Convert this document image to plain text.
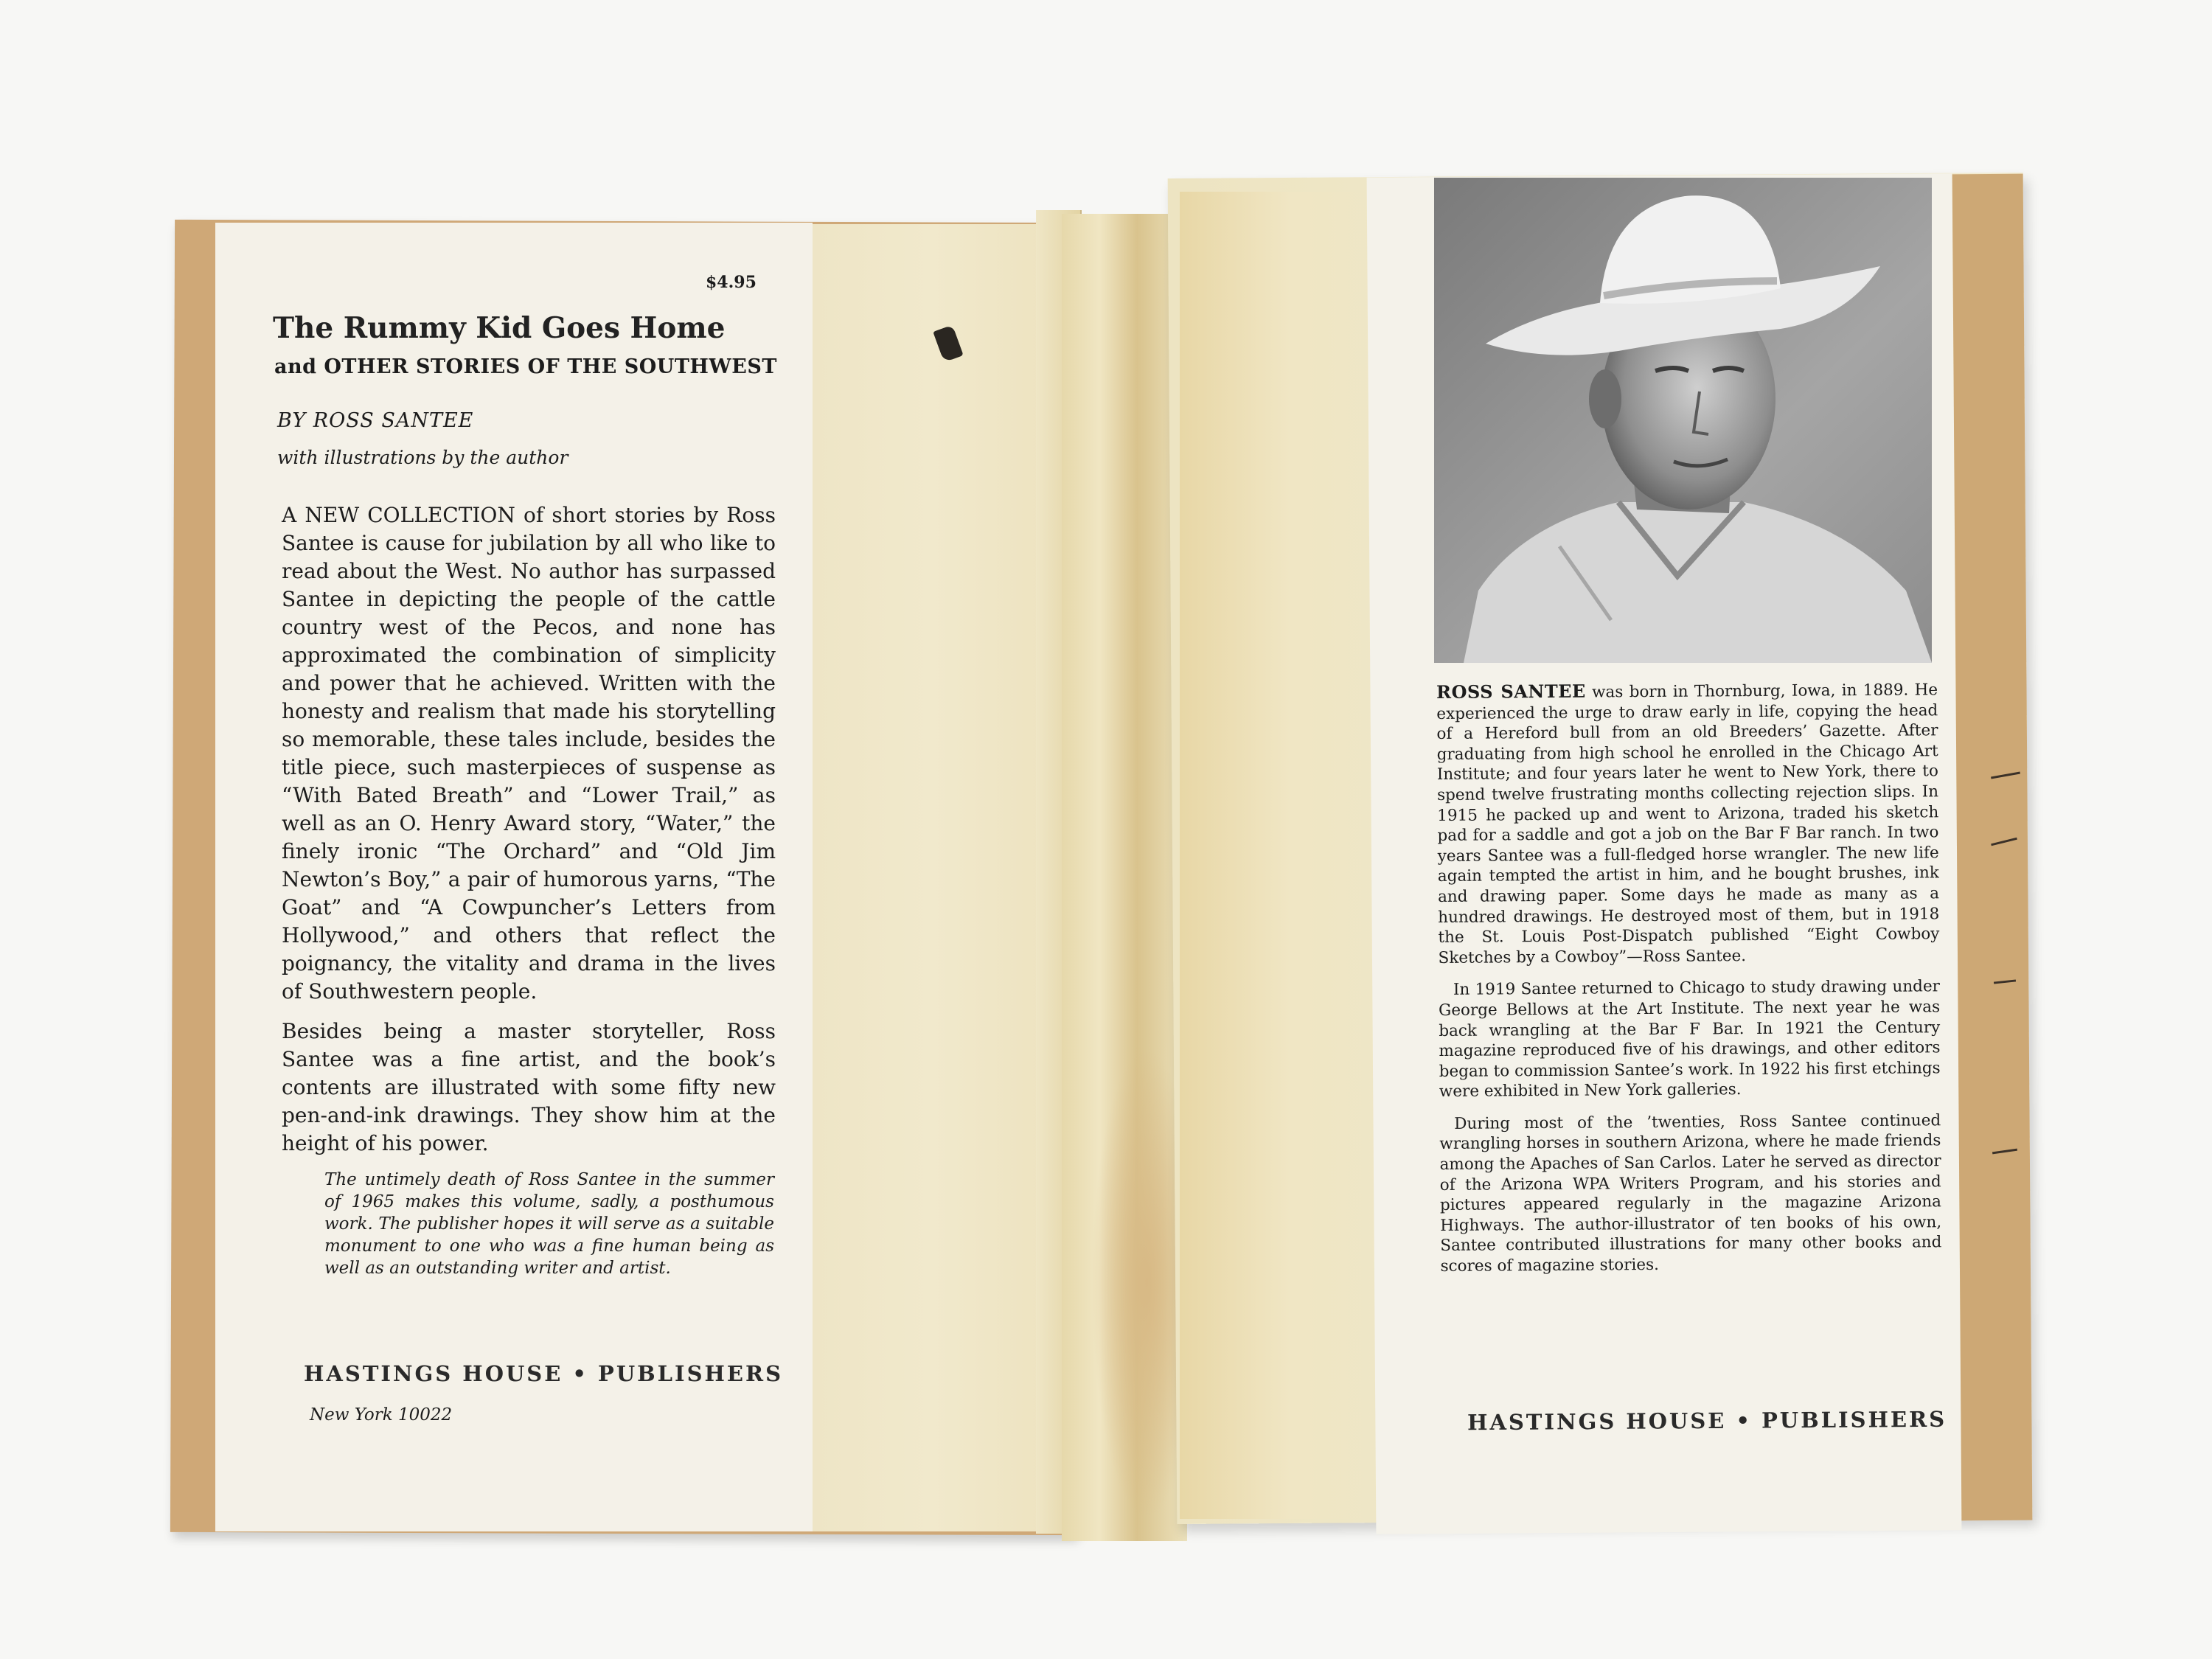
$4.95
The Rummy Kid Goes Home
and OTHER STORIES OF THE SOUTHWEST
BY ROSS SANTEE
with illustrations by the author

A NEW COLLECTION of short stories by Ross Santee is cause for jubilation by all who like to read about the West. No author has surpassed Santee in depicting the people of the cattle country west of the Pecos, and none has approximated the combination of simplicity and power that he achieved. Written with the honesty and realism that made his storytelling so memorable, these tales include, besides the title piece, such masterpieces of suspense as “With Bated Breath” and “Lower Trail,” as well as an O. Henry Award story, “Water,” the finely ironic “The Orchard” and “Old Jim Newton’s Boy,” a pair of humorous yarns, “The Goat” and “A Cowpuncher’s Letters from Hollywood,” and others that reflect the poignancy, the vitality and drama in the lives of Southwestern people.

Besides being a master storyteller, Ross Santee was a fine artist, and the book’s contents are illustrated with some fifty new pen-and-ink drawings. They show him at the height of his power.

The untimely death of Ross Santee in the summer of 1965 makes this volume, sadly, a posthumous work. The publisher hopes it will serve as a suitable monument to one who was a fine human being as well as an outstanding writer and artist.
HASTINGS HOUSE • PUBLISHERS
New York 10022

ROSS SANTEE was born in Thornburg, Iowa, in 1889. He experienced the urge to draw early in life, copying the head of a Hereford bull from an old Breeders’ Gazette. After graduating from high school he enrolled in the Chicago Art Institute; and four years later he went to New York, there to spend twelve frustrating months collecting rejection slips. In 1915 he packed up and went to Arizona, traded his sketch pad for a saddle and got a job on the Bar F Bar ranch. In two years Santee was a full-fledged horse wrangler. The new life again tempted the artist in him, and he bought brushes, ink and drawing paper. Some days he made as many as a hundred drawings. He destroyed most of them, but in 1918 the St. Louis Post-Dispatch published “Eight Cowboy Sketches by a Cowboy”—Ross Santee.

In 1919 Santee returned to Chicago to study drawing under George Bellows at the Art Institute. The next year he was back wrangling at the Bar F Bar. In 1921 the Century magazine reproduced five of his drawings, and other editors began to commission Santee’s work. In 1922 his first etchings were exhibited in New York galleries.

During most of the ’twenties, Ross Santee continued wrangling horses in southern Arizona, where he made friends among the Apaches of San Carlos. Later he served as director of the Arizona WPA Writers Program, and his stories and pictures appeared regularly in the magazine Arizona Highways. The author-illustrator of ten books of his own, Santee contributed illustrations for many other books and scores of magazine stories.

HASTINGS HOUSE • PUBLISHERS
